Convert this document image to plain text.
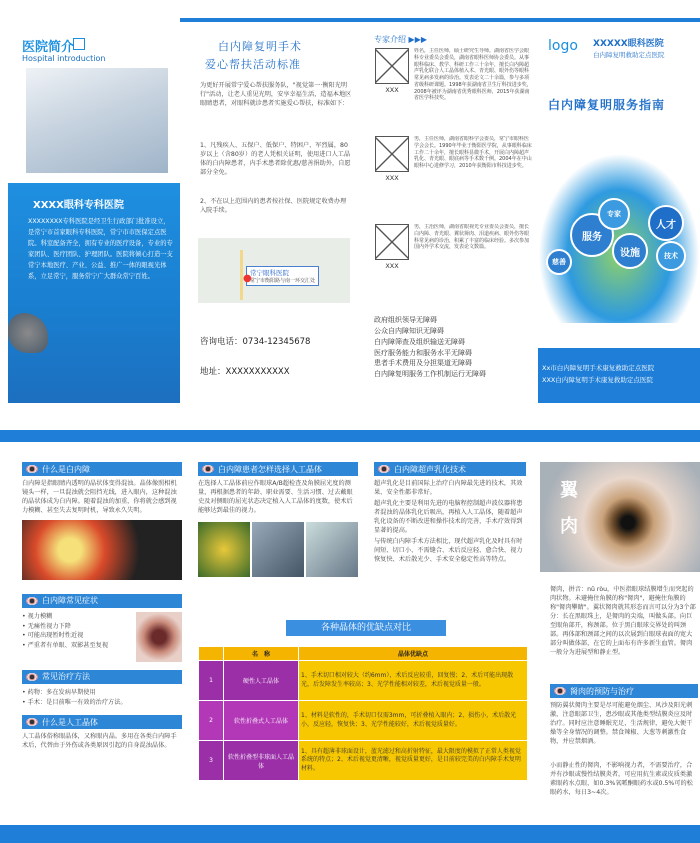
医院简介
Hospital introduction
XXXX眼科专科医院
XXXXXXXX专科医院是经卫生行政部门批准设立，是常宁市首家眼科专科医院，常宁市市医保定点医院。科室配备齐全，拥有专业的医疗设备，专业的专家团队、医疗团队、护理团队。医院将倾心打造一支常宁本地医疗、产业、公益、推广一体的眼视光体系，立足常宁，服务常宁广大群众常宁百姓。
白内障复明手术
爱心帮扶活动标准
为更好开展常宁爱心帮扶服务队，"视觉第一·衡阳光明行"活动，让老人重见光明，安享幸福生活，造福本地区眼睛患者，对眼科就诊患者实施爱心帮扶，标准如下：
1、凡残疾人、五保户、低保户、特困户、军烈属，80岁以上（含80岁）的老人凭相关证明，使用进口人工晶体的白内障患者，内手术患者除优惠/慈善捐助外，自愿部分全免。
2、不在以上范围内的患者按社保、医院规定收费办理入院手续。
常宁眼科医院
常宁市衡阳路与南一环交汇处
●
咨询电话：0734-12345678
地址：XXXXXXXXXXX
专家介绍 ▶▶▶
XXX
姓名，主任医师，硕士研究生导师。湖南省医学会眼科专业委员会委员，湖南省眼科医师协会委员。从事眼科临床、教学、科研工作三十余年，擅长白内障超声乳化联合人工晶体植入术、青光眼、眼外伤等眼科常见病多发病的诊治。发表论文二十余篇，参与多项省级科研课题。1998年获湖南省卫生厅科技进步奖，2008年被评为湖南省优秀眼科医师，2015年获湖南省医学科技奖。
XXX
男，主任医师，湖南省眼科学会委员，常宁市眼科医学会会长。1990年毕业于衡阳医学院，从事眼科临床工作二十余年，擅长眼科显微手术，开展白内障超声乳化、青光眼、眼底病等手术数千例。2004年在中山眼科中心进修学习，2010年获衡阳市科技进步奖。
XXX
男，主治医师，湖南省眼视光专业委员会委员，擅长白内障、青光眼、翼状胬肉、泪道疾病、眼外伤等眼科常见病的诊治，积累了丰富的临床经验。多次参加国内外学术交流，发表论文数篇。
政府组织领导无障碍
公众自内障知识无障碍
白内障筛查及组织输送无障碍
医疗服务能力和服务水平无障碍
患者手术费用及分担渠道无障碍
白内障复明服务工作机制运行无障碍
logo XXXXX眼科医院
白内障复明救助定点医院
白内障复明服务指南
服务
专家
设施
人才
技术
慈善
Xx市白内障复明手术康复救助定点医院
XXX白内障复明手术康复救助定点医院
什么是白内障
白内障是指眼睛内透明的晶状体变得混浊。晶体像照相机镜头一样，一旦混浊就会阻挡光线，进入眼内，这种混浊的晶状体成为白内障。随着混浊的加重，你将就会感到视力模糊、甚至失去复明时机，导致永久失明。
白内障常见症状
• 视力模糊
• 无痛性视力下降
• 可能出现暂时性近视
• 严重者有单眼、双影甚至复视
常见治疗方法
• 药物：多在发病早期使用
• 手术：是目前唯一有效的治疗方法。
什么是人工晶体
人工晶体俗称眼晶体，又称眼内晶。多用在各类白内障手术后，代替由于外伤或各类原因引起的自身混浊晶体。
白内障患者怎样选择人工晶体
在选择人工晶体前应作眼球A/B超检查及角膜屈光度的测量，再根据患者的年龄、职业需要、生活习惯、过去戴眼史及对侧眼的屈光状态决定植入人工晶体的度数，使术后能够达到最佳的视力。
白内障超声乳化技术
超声乳化是目前国际上治疗白内障最先进的技术，其效果、安全性都非常好。
超声乳化主要是利用先进的电脑程控制超声波仪器将患者混浊的晶体乳化后吸出，再植入人工晶体，随着超声乳化设备的不断改进和操作技术的完善，手术疗效得到显著的提高。
与传统白内障手术方法相比，现代超声乳化及时具有时间短、切口小、不需缝合、术后反应轻、愈合快、视力恢复快、术后散光少、手术安全稳定性高等特点。
各种晶体的优缺点对比
	名　称	晶体优缺点
1	硬性人工晶体	1、手术切口相对较大（约6mm），术后反应较重，回复慢；2、术后可能出现散光，后发障发生率较高；3、光学性能相对较差，术后视觉质量一般。
2	软性折叠式人工晶体	1、材料是软性的，手术切口仅需3mm，可折叠植入眼内；2、损伤小，术后散光小，反应轻，恢复快；3、光学性能较好，术后视觉质量好。
3	软性折叠型非球面人工晶体	1、具有超薄非球面设计，蓝光滤过和高折射特征，最大限度的模拟了正常人类视觉系统的特点；2、术后视觉更清晰，视觉质量更好，是目前较完美的白内障手术复明材料。
翼
肉
胬肉，拼音：nǔ ròu，中医指眼球结膜增生而突起的肉状物。未避掩住角膜的称"胬肉"，避掩住角膜的称"胬肉攀睛"。翼状胬肉就其形态而言可以分为3个部分：长在黑眼珠上，是胬肉的尖端，叫做头部。向巨至眼角部开，称颈部。位于黑白眼球交界处的叫颈部。再体部和颈部之间的以次展到白眼球表面的宽大部分叫做体部，在它的上面布有许多新生血管。胬肉一般分为进展型和静止型。
胬肉的预防与治疗
预防翼状胬肉主要是尽可能避免烟尘、风沙及阳光刺激，注意眼部卫生，患沙眼或其他类型结膜炎应及时治疗。同时应注意睡眠充足，生活规律，避免大便干燥等全身情况的调整。禁食辣椒、大葱等刺激性食物，并应禁烟酒。
小而静止性的胬肉，不影响视力者，不需要治疗，合并有沙眼或慢性结膜炎者，可应用抗生素或皮质类激素眼药水点眼，如0.3%氧哌酮眼药水或0.5%可的松眼药水，每日3~4次。
